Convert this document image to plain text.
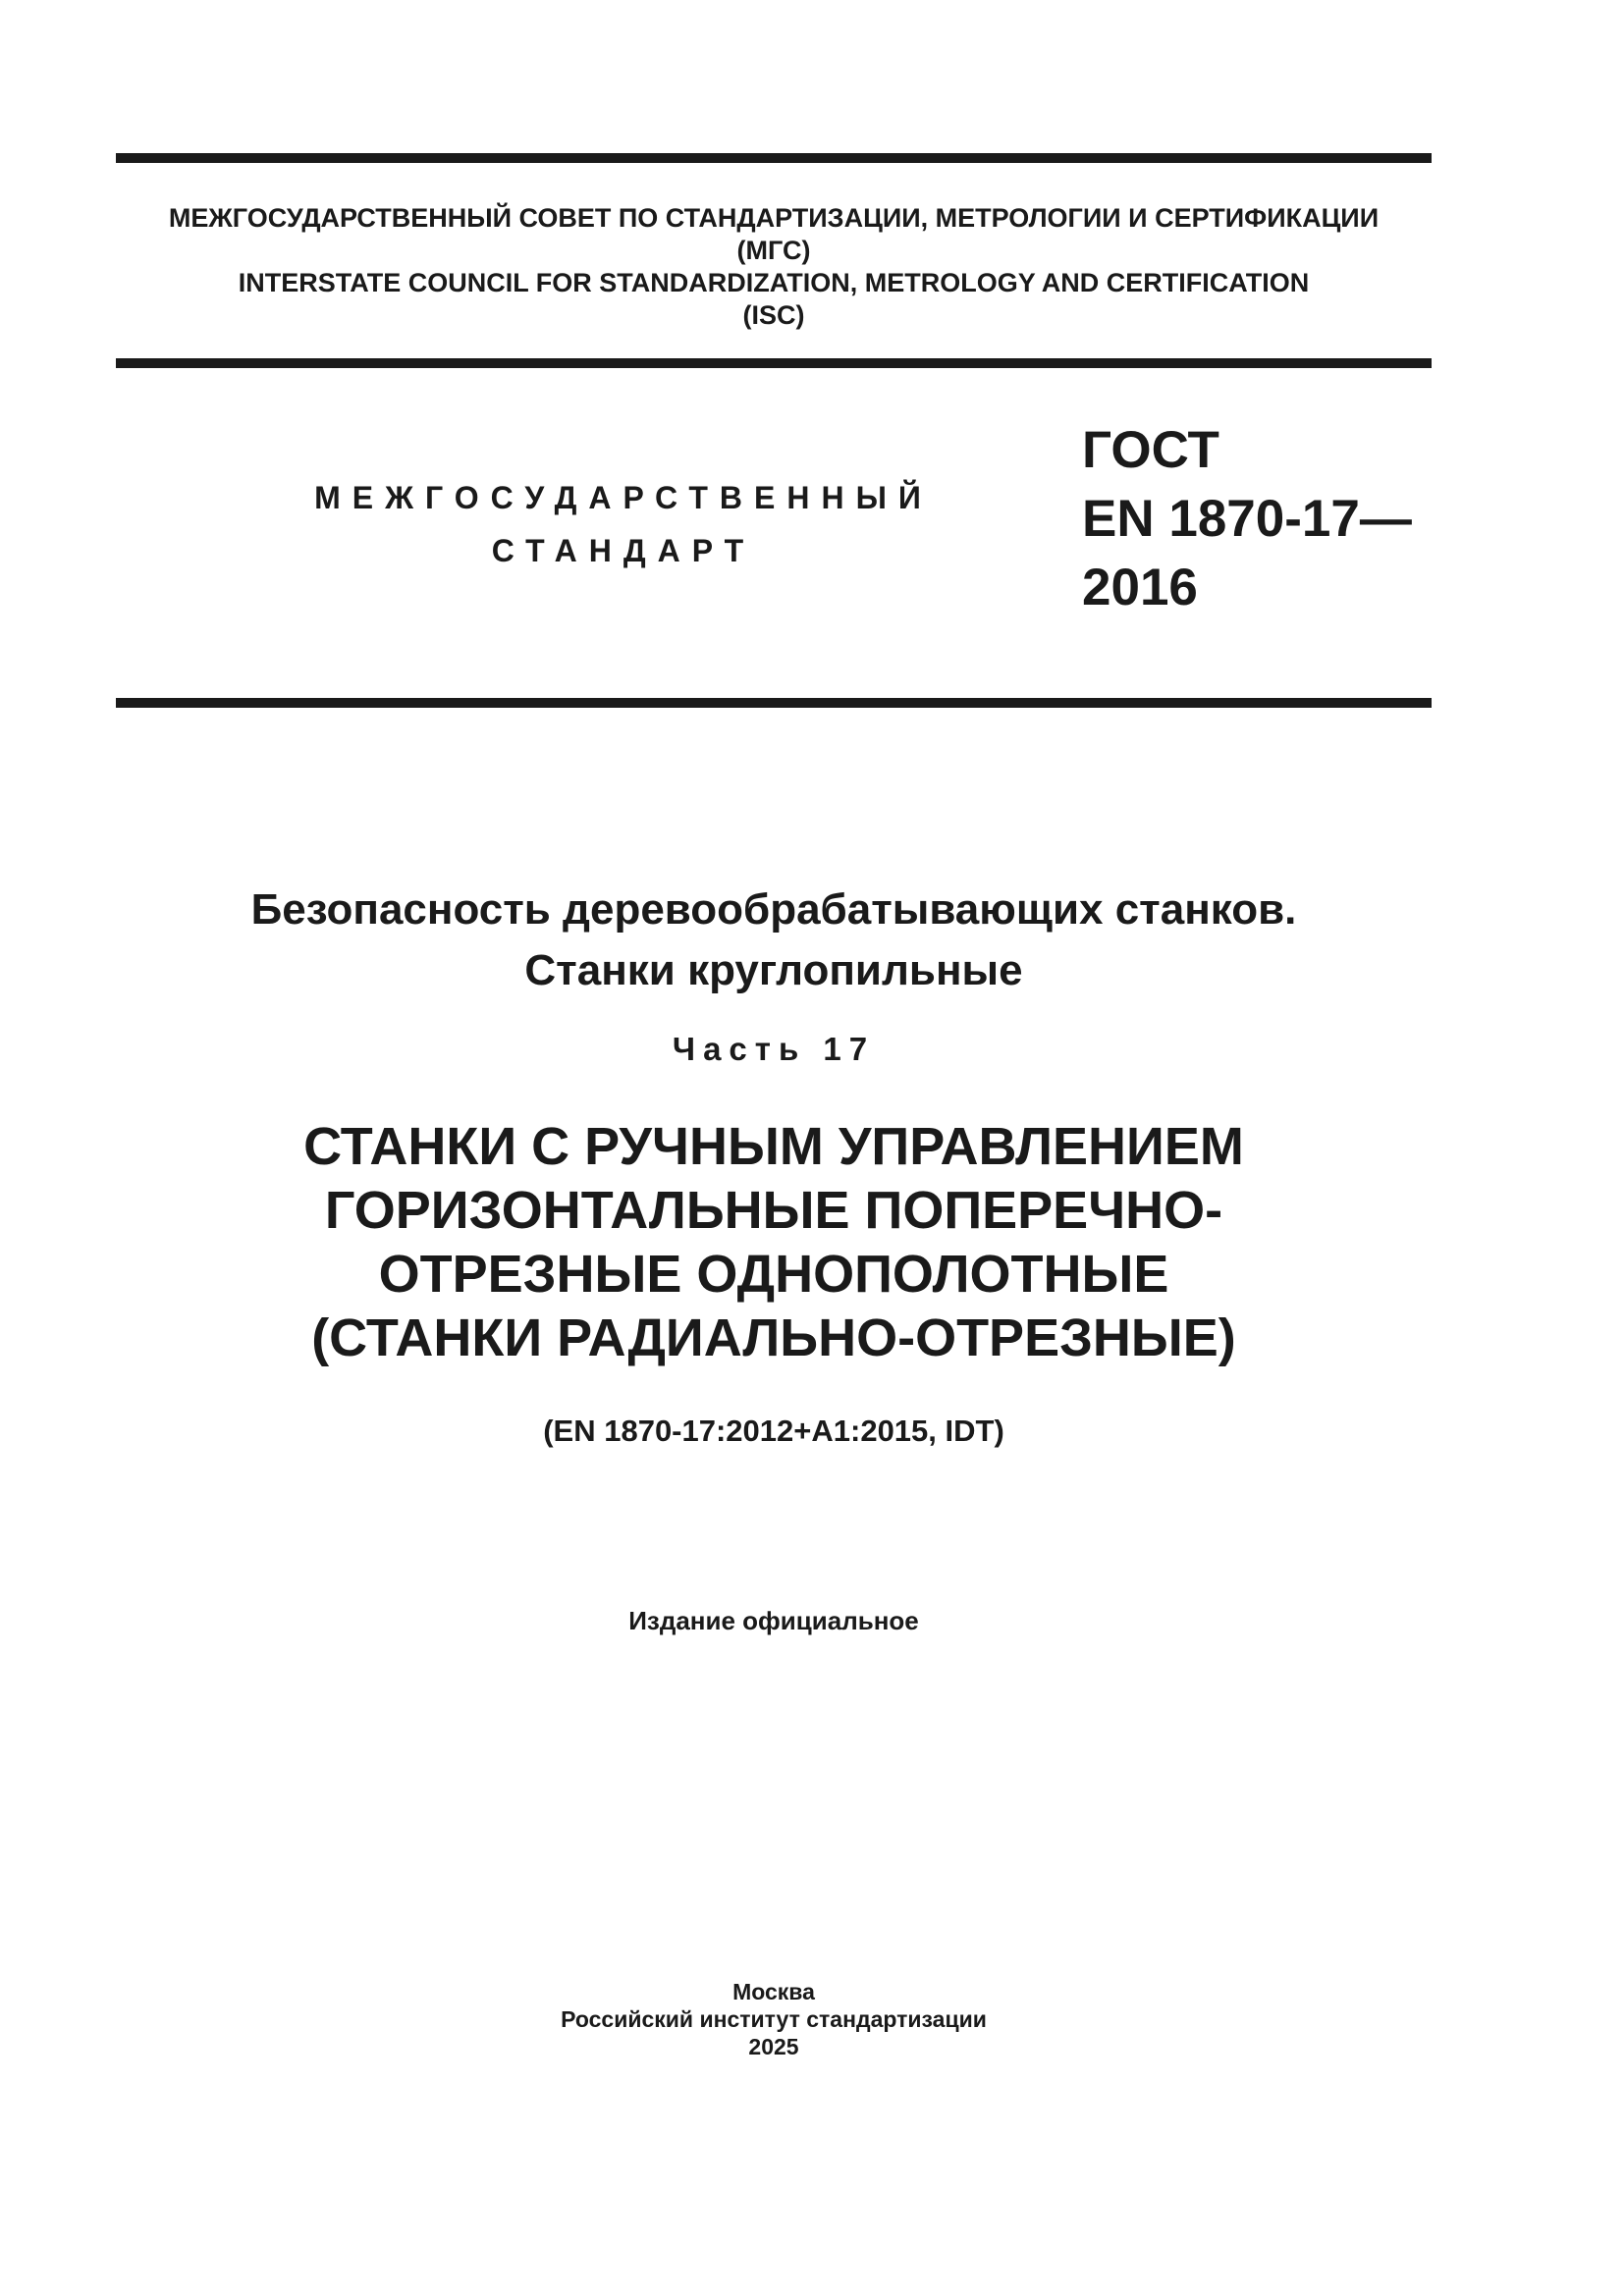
МЕЖГОСУДАРСТВЕННЫЙ СОВЕТ ПО СТАНДАРТИЗАЦИИ, МЕТРОЛОГИИ И СЕРТИФИКАЦИИ
(МГС)
INTERSTATE COUNCIL FOR STANDARDIZATION, METROLOGY AND CERTIFICATION
(ISC)
МЕЖГОСУДАРСТВЕННЫЙ
СТАНДАРТ
ГОСТ
EN 1870-17—
2016
Безопасность деревообрабатывающих станков.
Станки круглопильные
Часть 17
СТАНКИ С РУЧНЫМ УПРАВЛЕНИЕМ
ГОРИЗОНТАЛЬНЫЕ ПОПЕРЕЧНО-
ОТРЕЗНЫЕ ОДНОПОЛОТНЫЕ
(СТАНКИ РАДИАЛЬНО-ОТРЕЗНЫЕ)
(EN 1870-17:2012+A1:2015, IDT)
Издание официальное
Москва
Российский институт стандартизации
2025
